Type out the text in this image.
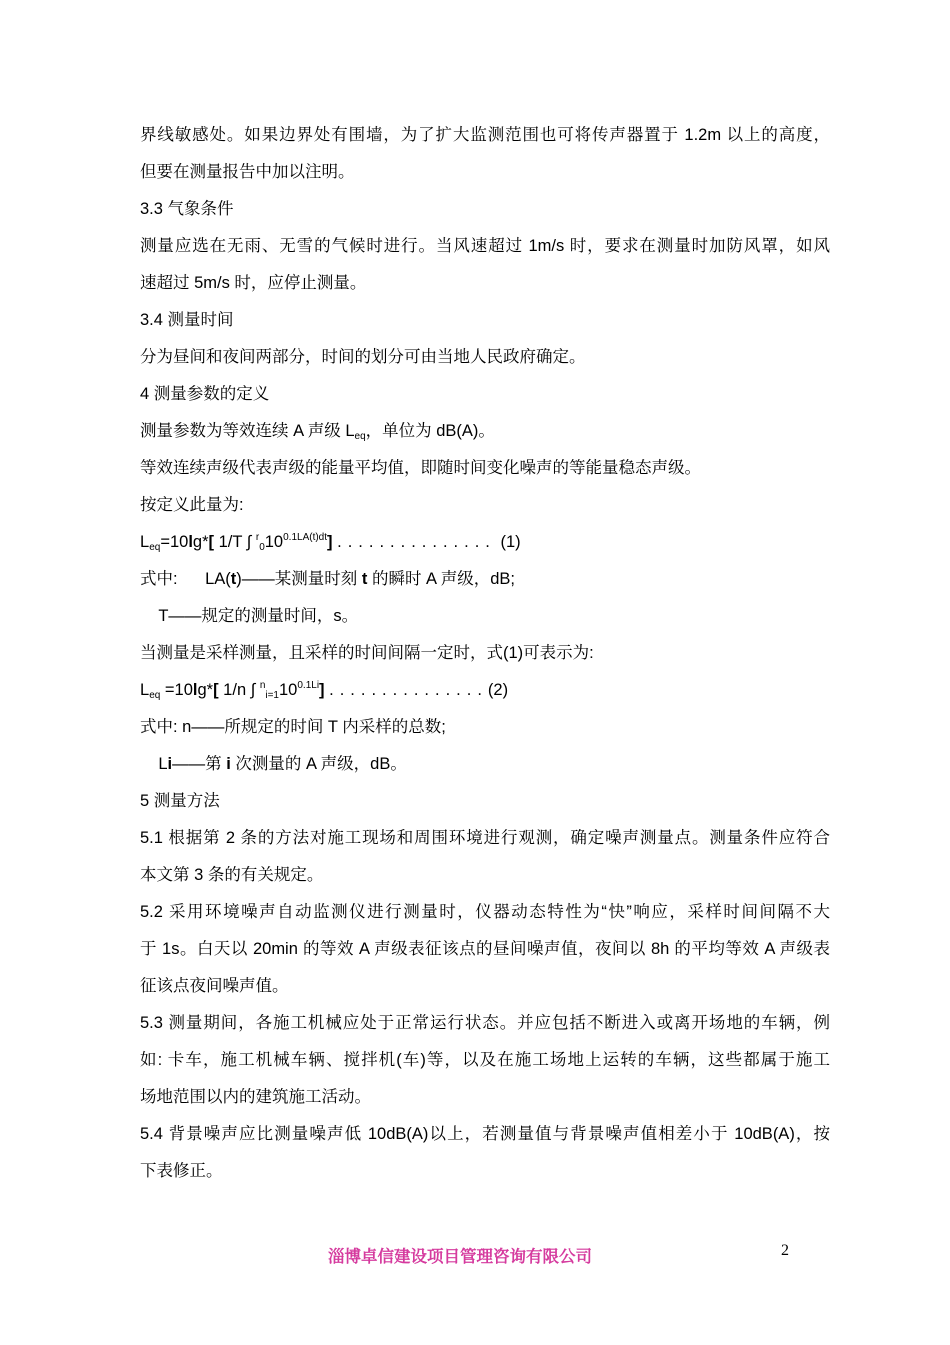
界线敏感处。如果边界处有围墙，为了扩大监测范围也可将传声器置于 1.2m 以上的高度，
但要在测量报告中加以注明。
3.3 气象条件
测量应选在无雨、无雪的气候时进行。当风速超过 1m/s 时，要求在测量时加防风罩，如风
速超过 5m/s 时，应停止测量。
3.4 测量时间
分为昼间和夜间两部分，时间的划分可由当地人民政府确定。
4 测量参数的定义
测量参数为等效连续 A 声级 Leq，单位为 dB(A)。
等效连续声级代表声级的能量平均值，即随时间变化噪声的等能量稳态声级。
按定义此量为:
Leq=10lg*[ 1/T ∫ $^r010^{0.1LA(t)dt}$] ............... (1)
式中:      LA(t)——某测量时刻 t 的瞬时 A 声级，dB;
T——规定的测量时间，s。
当测量是采样测量，且采样的时间间隔一定时，式(1)可表示为:
Leq =10lg*[ 1/n ∫ $^ni=110^{0.1Li}$] ...............(2)
式中: n——所规定的时间 T 内采样的总数;
Li——第 i 次测量的 A 声级，dB。
5 测量方法
5.1 根据第 2 条的方法对施工现场和周围环境进行观测，确定噪声测量点。测量条件应符合
本文第 3 条的有关规定。
5.2 采用环境噪声自动监测仪进行测量时，仪器动态特性为“快”响应，采样时间间隔不大
于 1s。白天以 20min 的等效 A 声级表征该点的昼间噪声值，夜间以 8h 的平均等效 A 声级表
征该点夜间噪声值。
5.3 测量期间，各施工机械应处于正常运行状态。并应包括不断进入或离开场地的车辆，例
如: 卡车，施工机械车辆、搅拌机(车)等，以及在施工场地上运转的车辆，这些都属于施工
场地范围以内的建筑施工活动。
5.4 背景噪声应比测量噪声低 10dB(A)以上，若测量值与背景噪声值相差小于 10dB(A)，按
下表修正。
淄博卓信建设项目管理咨询有限公司	2
